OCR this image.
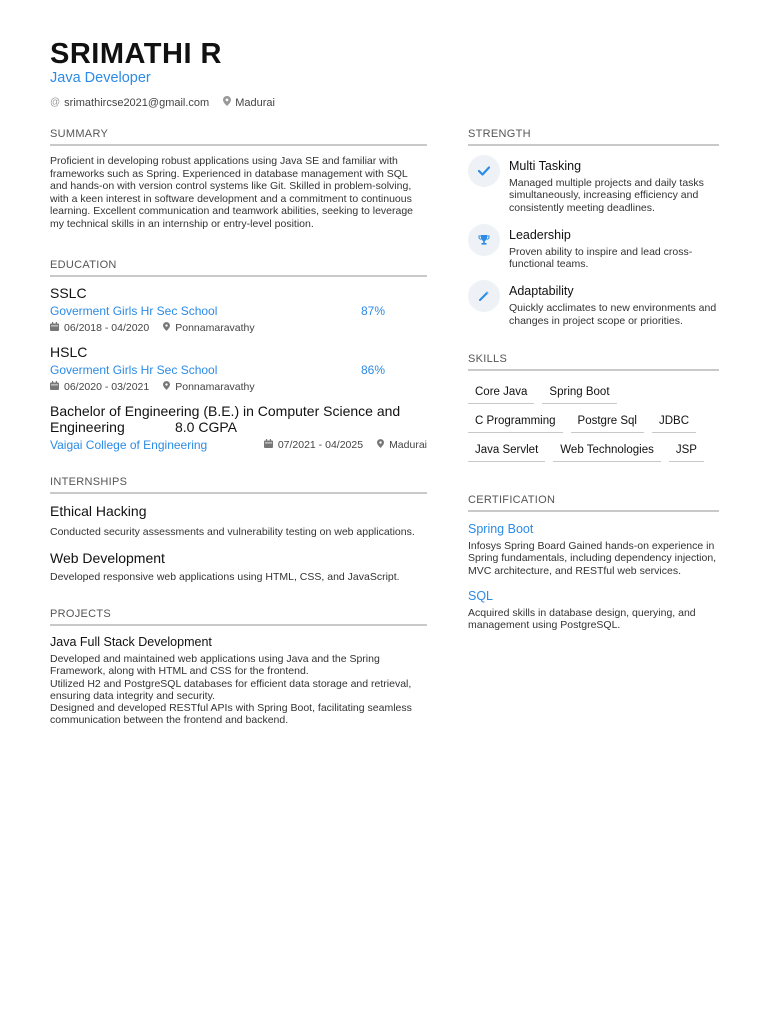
SRIMATHI R
Java Developer
@ srimathircse2021@gmail.com Madurai
SUMMARY
Proficient in developing robust applications using Java SE and familiar with frameworks such as Spring. Experienced in database management with SQL and hands-on with version control systems like Git. Skilled in problem-solving, with a keen interest in software development and a commitment to continuous learning. Excellent communication and teamwork abilities, seeking to leverage my technical skills in an internship or entry-level position.
EDUCATION
SSLC
Goverment Girls Hr Sec School	87%
06/2018 - 04/2020 Ponnamaravathy
HSLC
Goverment Girls Hr Sec School	86%
06/2020 - 03/2021 Ponnamaravathy
Bachelor of Engineering (B.E.) in Computer Science and Engineering	8.0 CGPA
Vaigai College of Engineering	07/2021 - 04/2025 Madurai
INTERNSHIPS
Ethical Hacking
Conducted security assessments and vulnerability testing on web applications.
Web Development
Developed responsive web applications using HTML, CSS, and JavaScript.
PROJECTS
Java Full Stack Development
Developed and maintained web applications using Java and the Spring Framework, along with HTML and CSS for the frontend.
Utilized H2 and PostgreSQL databases for efficient data storage and retrieval, ensuring data integrity and security.
Designed and developed RESTful APIs with Spring Boot, facilitating seamless communication between the frontend and backend.
STRENGTH
Multi Tasking
Managed multiple projects and daily tasks simultaneously, increasing efficiency and consistently meeting deadlines.
Leadership
Proven ability to inspire and lead cross-functional teams.
Adaptability
Quickly acclimates to new environments and changes in project scope or priorities.
SKILLS
Core Java	Spring Boot
C Programming	Postgre Sql	JDBC
Java Servlet	Web Technologies	JSP
CERTIFICATION
Spring Boot
Infosys Spring Board Gained hands-on experience in Spring fundamentals, including dependency injection, MVC architecture, and RESTful web services.
SQL
Acquired skills in database design, querying, and management using PostgreSQL.
